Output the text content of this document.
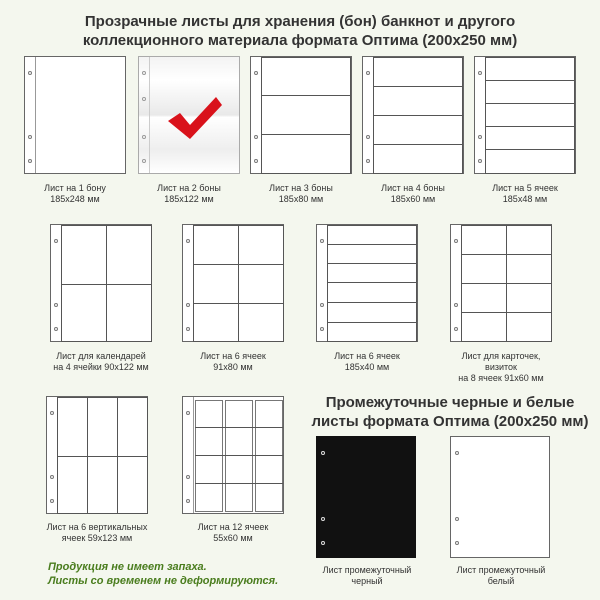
Прозрачные листы для хранения (бон) банкнот и другого
коллекционного материала формата Оптима (200x250 мм)
Лист на 1 бону
185x248 мм
Лист на 2 боны
185x122 мм
Лист на 3 боны
185x80 мм
Лист на 4 боны
185x60 мм
Лист на 5 ячеек
185x48 мм
Лист для календарей
на 4 ячейки 90x122 мм
Лист на 6 ячеек
91x80 мм
Лист на 6 ячеек
185x40 мм
Лист для карточек,
визиток
на 8 ячеек 91x60 мм
Лист на 6 вертикальных
ячеек 59x123 мм
Лист на 12 ячеек
55x60 мм
Промежуточные черные и белые
листы формата Оптима (200x250 мм)
Лист промежуточный
черный
Лист промежуточный
белый
Продукция не имеет запаха.
Листы со временем не деформируются.
